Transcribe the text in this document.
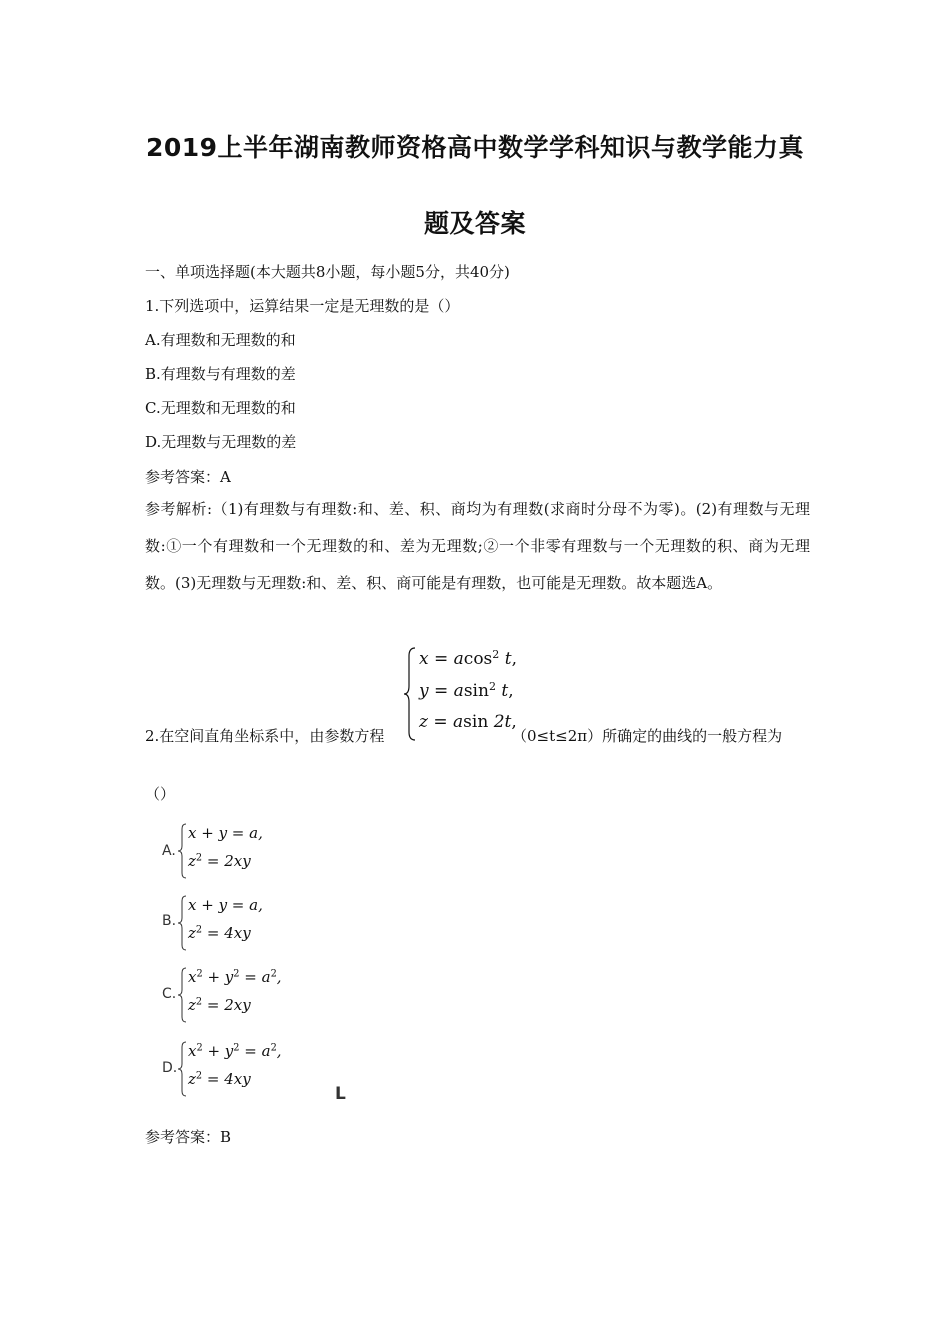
2019上半年湖南教师资格高中数学学科知识与教学能力真
题及答案
一、单项选择题(本大题共8小题，每小题5分，共40分)
1.下列选项中，运算结果一定是无理数的是（）
A.有理数和无理数的和
B.有理数与有理数的差
C.无理数和无理数的和
D.无理数与无理数的差
参考答案：A
参考解析:（1)有理数与有理数:和、差、积、商均为有理数(求商时分母不为零)。(2)有理数与无理数:①一个有理数和一个无理数的和、差为无理数;②一个非零有理数与一个无理数的积、商为无理数。(3)无理数与无理数:和、差、积、商可能是有理数，也可能是无理数。故本题选A。
x = acos$^2$ t,
y = asin$^2$ t,
z = asin 2t,
2.在空间直角坐标系中，由参数方程	（0≤t≤2π）所确定的曲线的一般方程为
（）
A.
x + y = a,
$z^2 = 2xy$
B.
x + y = a,
$z^2 = 4xy$
C.
$x^2 + y^2 = a^2$,
$z^2 = 2xy$
D.
$x^2 + y^2 = a^2$,
$z^2 = 4xy$
L
参考答案：B
